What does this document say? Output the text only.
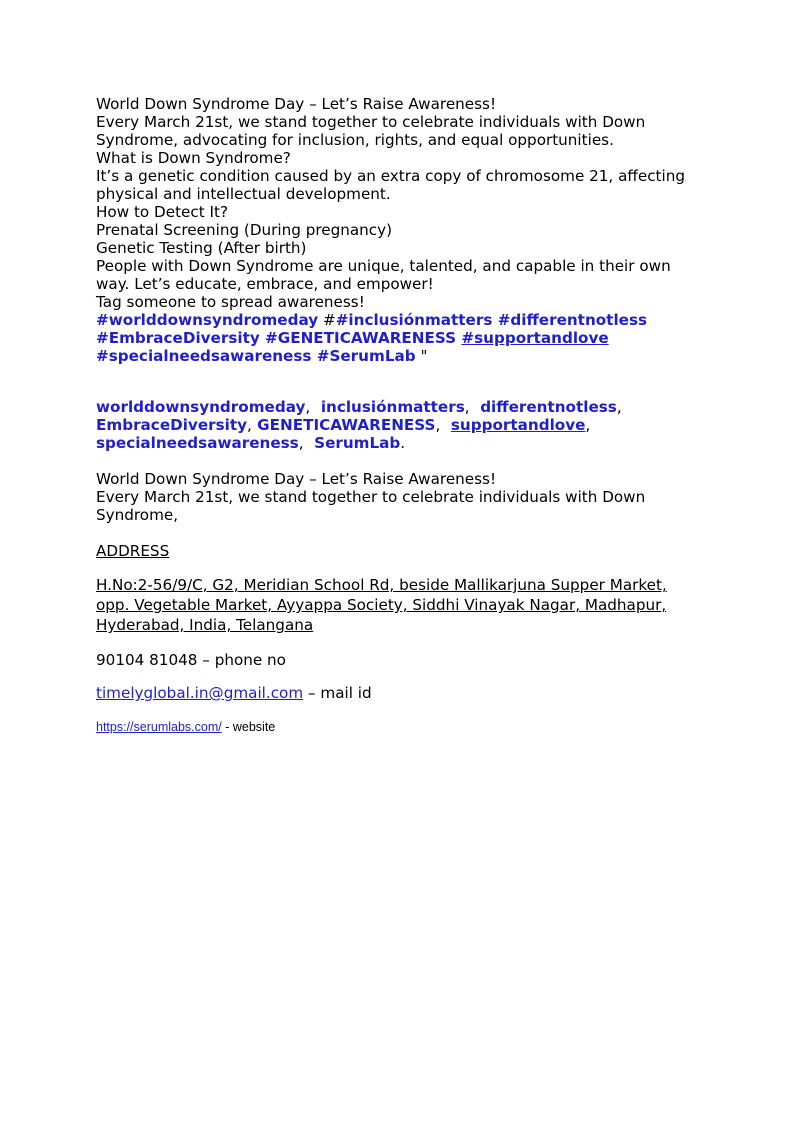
World Down Syndrome Day – Let’s Raise Awareness!
Every March 21st, we stand together to celebrate individuals with Down
Syndrome, advocating for inclusion, rights, and equal opportunities.
What is Down Syndrome?
It’s a genetic condition caused by an extra copy of chromosome 21, affecting
physical and intellectual development.
How to Detect It?
Prenatal Screening (During pregnancy)
Genetic Testing (After birth)
People with Down Syndrome are unique, talented, and capable in their own
way. Let’s educate, embrace, and empower!
Tag someone to spread awareness!
#worlddownsyndromeday ##inclusiónmatters #differentnotless
#EmbraceDiversity #GENETICAWARENESS #supportandlove
#specialneedsawareness #SerumLab "
worlddownsyndromeday, inclusiónmatters, differentnotless,
EmbraceDiversity, GENETICAWARENESS, supportandlove,
specialneedsawareness, SerumLab.
World Down Syndrome Day – Let’s Raise Awareness!
Every March 21st, we stand together to celebrate individuals with Down
Syndrome,
ADDRESS
H.No:2-56/9/C, G2, Meridian School Rd, beside Mallikarjuna Supper Market,
opp. Vegetable Market, Ayyappa Society, Siddhi Vinayak Nagar, Madhapur,
Hyderabad, India, Telangana
90104 81048 – phone no
timelyglobal.in@gmail.com – mail id
https://serumlabs.com/ - website
